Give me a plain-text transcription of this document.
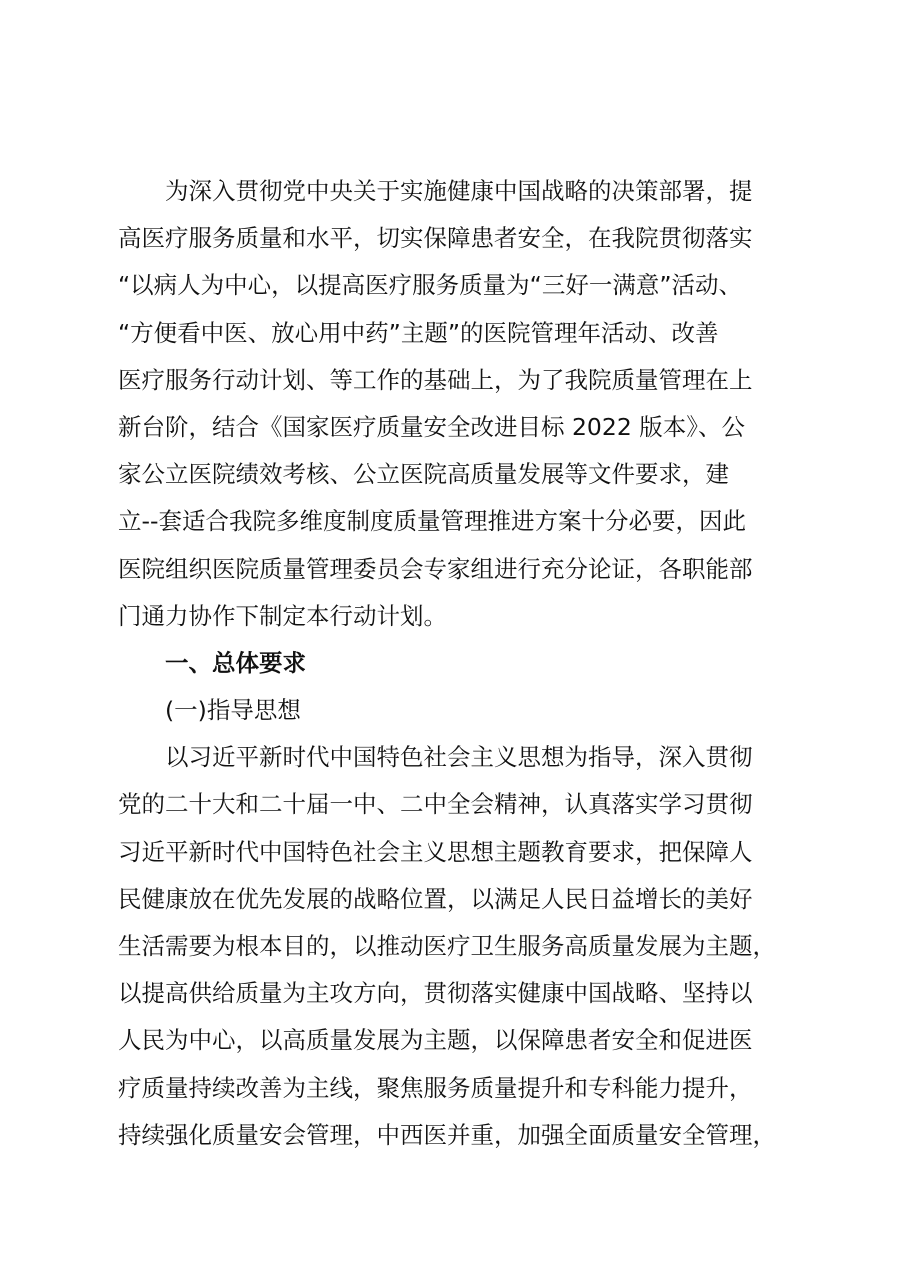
为深入贯彻党中央关于实施健康中国战略的决策部署，提
高医疗服务质量和水平，切实保障患者安全，在我院贯彻落实
“以病人为中心，以提高医疗服务质量为“三好一满意”活动、
“方便看中医、放心用中药”主题”的医院管理年活动、改善
医疗服务行动计划、等工作的基础上，为了我院质量管理在上
新台阶，结合《国家医疗质量安全改进目标 2022 版本》、公
家公立医院绩效考核、公立医院高质量发展等文件要求，建
立--套适合我院多维度制度质量管理推进方案十分必要，因此
医院组织医院质量管理委员会专家组进行充分论证，各职能部
门通力协作下制定本行动计划。
一、总体要求
(一)指导思想
以习近平新时代中国特色社会主义思想为指导，深入贯彻
党的二十大和二十届一中、二中全会精神，认真落实学习贯彻
习近平新时代中国特色社会主义思想主题教育要求，把保障人
民健康放在优先发展的战略位置，以满足人民日益增长的美好
生活需要为根本目的，以推动医疗卫生服务高质量发展为主题，
以提高供给质量为主攻方向，贯彻落实健康中国战略、坚持以
人民为中心，以高质量发展为主题，以保障患者安全和促进医
疗质量持续改善为主线，聚焦服务质量提升和专科能力提升，
持续强化质量安会管理，中西医并重，加强全面质量安全管理，
